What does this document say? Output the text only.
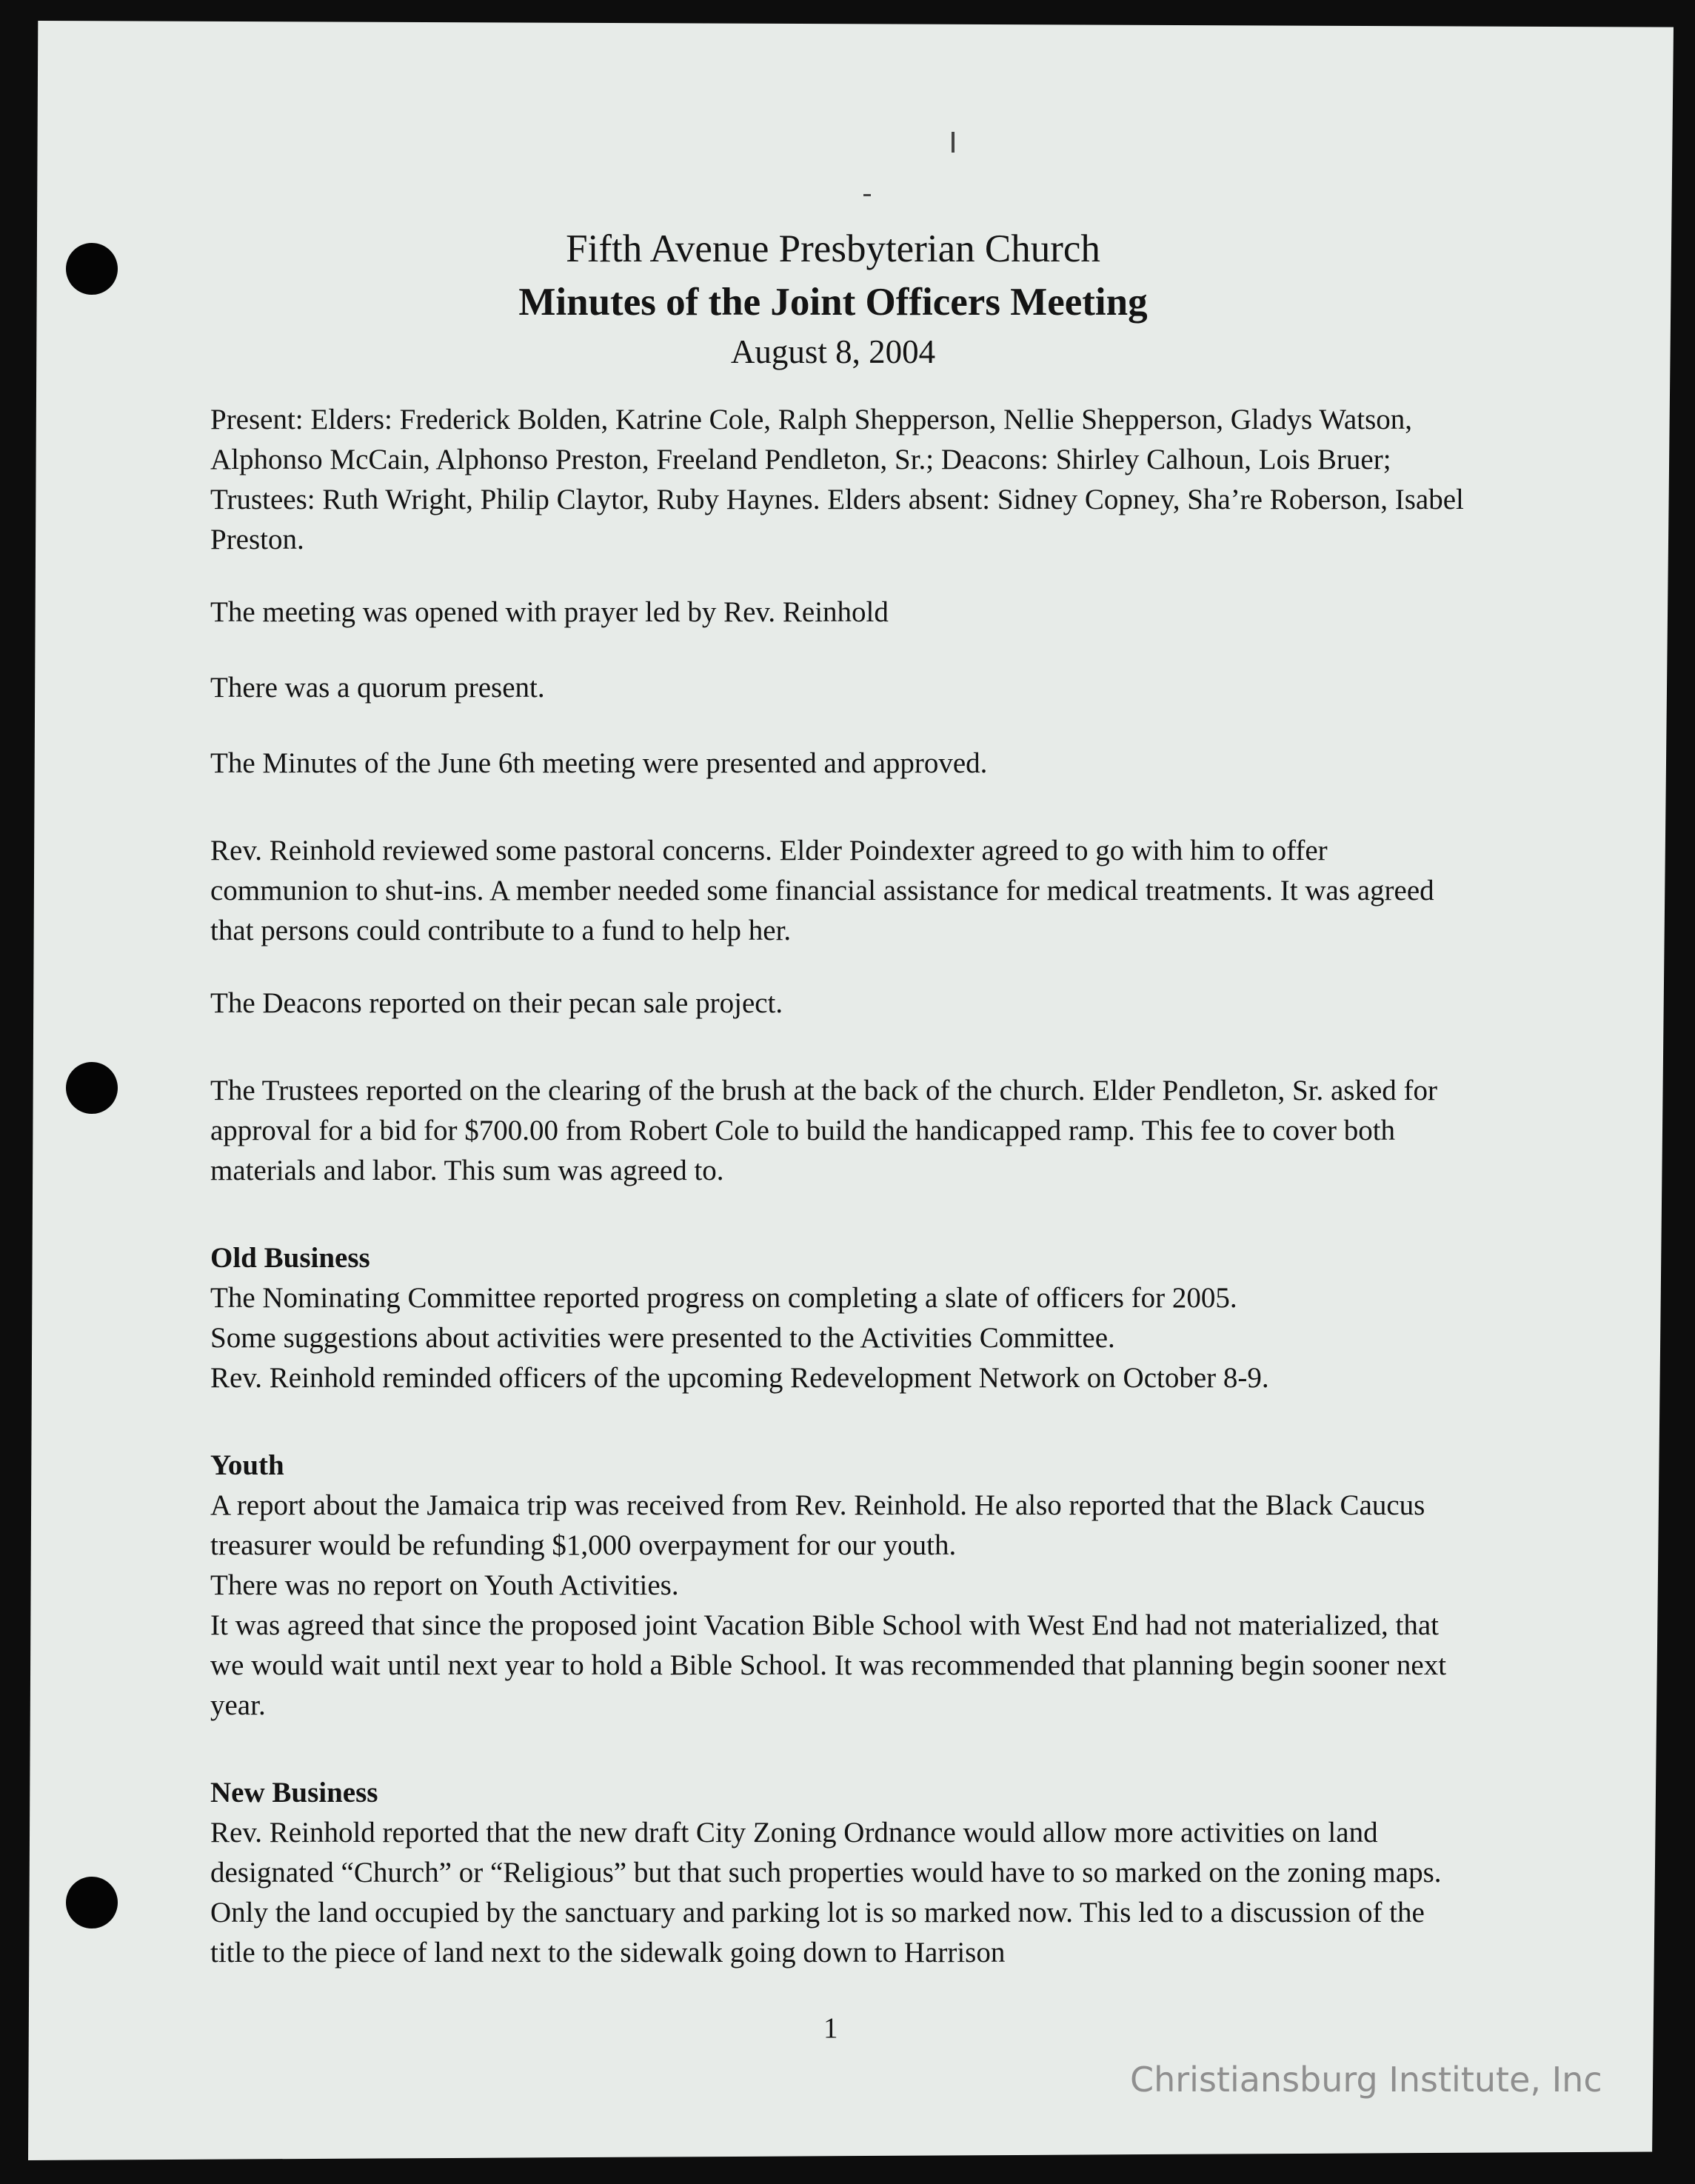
Fifth Avenue Presbyterian Church
Minutes of the Joint Officers Meeting
August 8, 2004

Present: Elders: Frederick Bolden, Katrine Cole, Ralph Shepperson, Nellie Shepperson, Gladys Watson, Alphonso McCain, Alphonso Preston, Freeland Pendleton, Sr.; Deacons: Shirley Calhoun, Lois Bruer; Trustees: Ruth Wright, Philip Claytor, Ruby Haynes. Elders absent: Sidney Copney, Sha’re Roberson, Isabel Preston.

The meeting was opened with prayer led by Rev. Reinhold

There was a quorum present.

The Minutes of the June 6th meeting were presented and approved.

Rev. Reinhold reviewed some pastoral concerns. Elder Poindexter agreed to go with him to offer communion to shut-ins. A member needed some financial assistance for medical treatments. It was agreed that persons could contribute to a fund to help her.

The Deacons reported on their pecan sale project.

The Trustees reported on the clearing of the brush at the back of the church. Elder Pendleton, Sr. asked for approval for a bid for $700.00 from Robert Cole to build the handicapped ramp. This fee to cover both materials and labor. This sum was agreed to.

Old Business

The Nominating Committee reported progress on completing a slate of officers for 2005.

Some suggestions about activities were presented to the Activities Committee.

Rev. Reinhold reminded officers of the upcoming Redevelopment Network on October 8-9.

Youth

A report about the Jamaica trip was received from Rev. Reinhold. He also reported that the Black Caucus treasurer would be refunding $1,000 overpayment for our youth.

There was no report on Youth Activities.

It was agreed that since the proposed joint Vacation Bible School with West End had not materialized, that we would wait until next year to hold a Bible School. It was recommended that planning begin sooner next year.

New Business

Rev. Reinhold reported that the new draft City Zoning Ordnance would allow more activities on land designated “Church” or “Religious” but that such properties would have to so marked on the zoning maps. Only the land occupied by the sanctuary and parking lot is so marked now. This led to a discussion of the title to the piece of land next to the sidewalk going down to Harrison

1
Christiansburg Institute, Inc
